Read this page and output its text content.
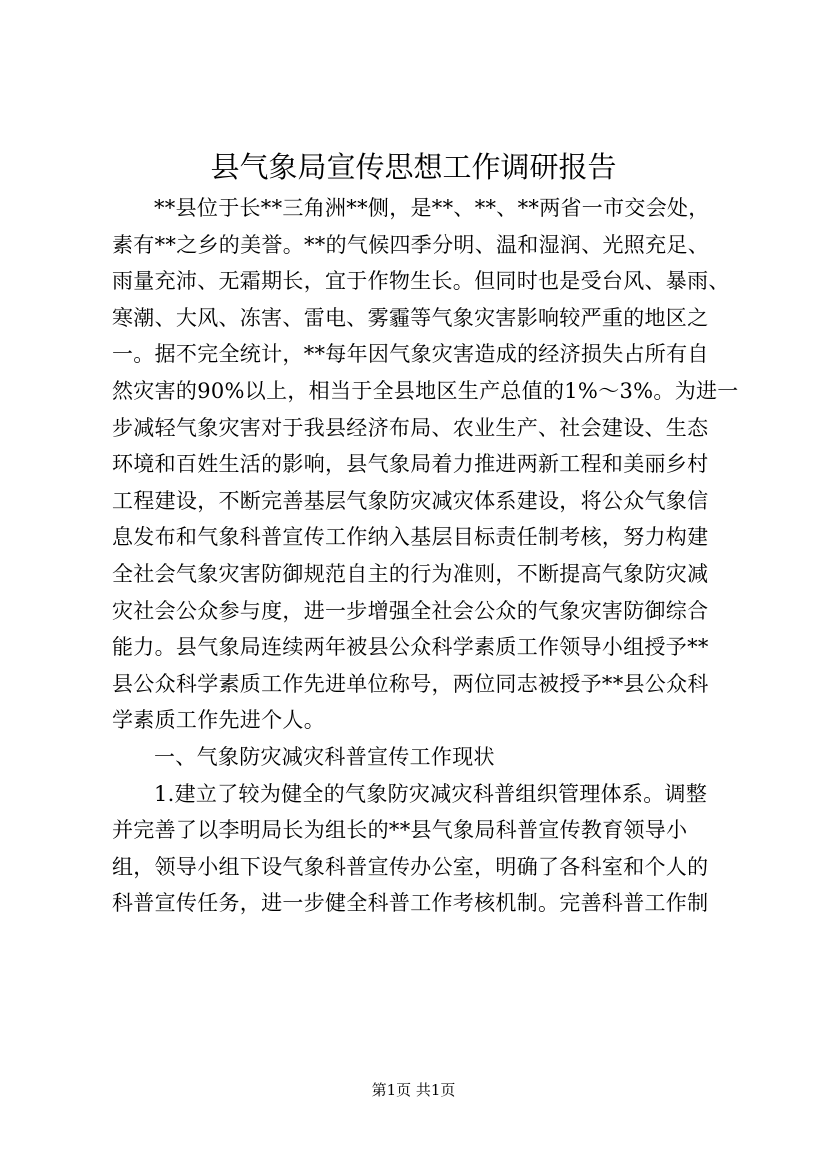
县气象局宣传思想工作调研报告
**县位于长**三角洲**侧，是**、**、**两省一市交会处，
素有**之乡的美誉。**的气候四季分明、温和湿润、光照充足、
雨量充沛、无霜期长，宜于作物生长。但同时也是受台风、暴雨、
寒潮、大风、冻害、雷电、雾霾等气象灾害影响较严重的地区之
一。据不完全统计，**每年因气象灾害造成的经济损失占所有自
然灾害的90%以上，相当于全县地区生产总值的1%～3%。为进一
步减轻气象灾害对于我县经济布局、农业生产、社会建设、生态
环境和百姓生活的影响，县气象局着力推进两新工程和美丽乡村
工程建设，不断完善基层气象防灾减灾体系建设，将公众气象信
息发布和气象科普宣传工作纳入基层目标责任制考核，努力构建
全社会气象灾害防御规范自主的行为准则，不断提高气象防灾减
灾社会公众参与度，进一步增强全社会公众的气象灾害防御综合
能力。县气象局连续两年被县公众科学素质工作领导小组授予**
县公众科学素质工作先进单位称号，两位同志被授予**县公众科
学素质工作先进个人。
一、气象防灾减灾科普宣传工作现状
1.建立了较为健全的气象防灾减灾科普组织管理体系。调整
并完善了以李明局长为组长的**县气象局科普宣传教育领导小
组，领导小组下设气象科普宣传办公室，明确了各科室和个人的
科普宣传任务，进一步健全科普工作考核机制。完善科普工作制
第1页 共1页
